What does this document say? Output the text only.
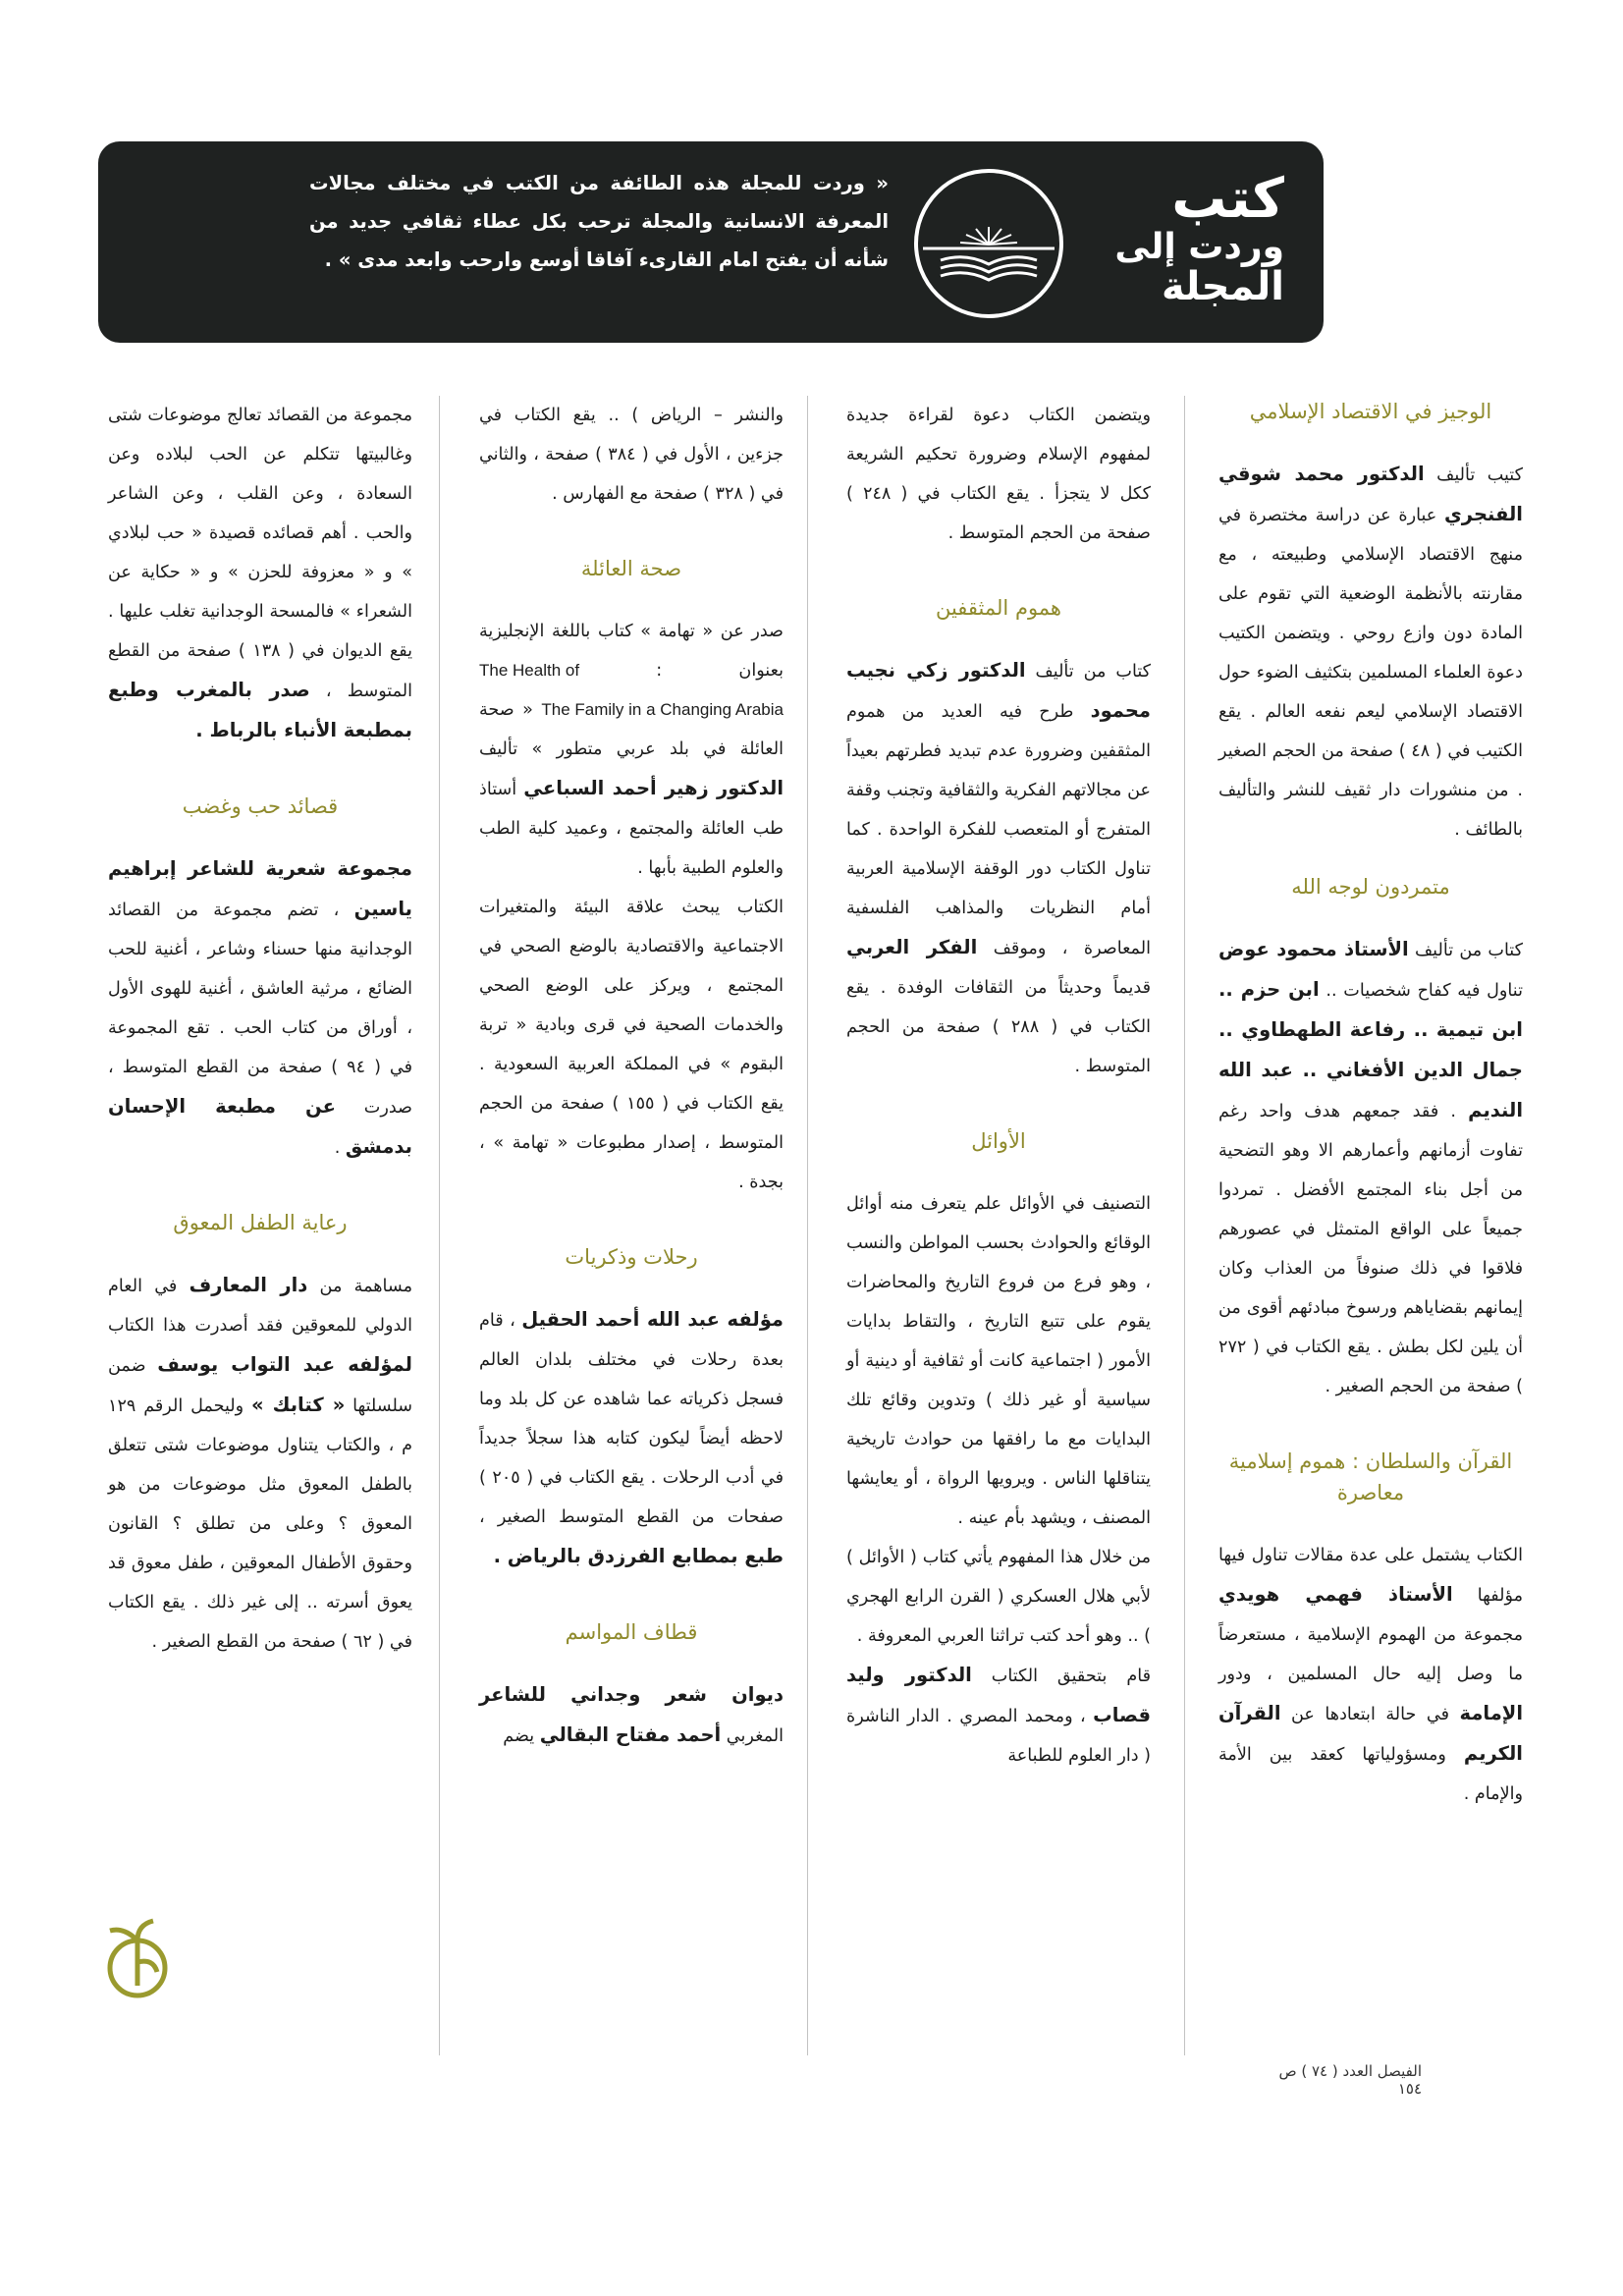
كتب
وردت إلى
المجلة
« وردت للمجلة هذه الطائفة من الكتب في مختلف مجالات المعرفة الانسانية والمجلة ترحب بكل عطاء ثقافي جديد من شأنه أن يفتح امام القارىء آفاقا أوسع وارحب وابعد مدى » .
الوجيز في الاقتصاد الإسلامي

كتيب تأليف الدكتور محمد شوقي الفنجري عبارة عن دراسة مختصرة في منهج الاقتصاد الإسلامي وطبيعته ، مع مقارنته بالأنظمة الوضعية التي تقوم على المادة دون وازع روحي . ويتضمن الكتيب دعوة العلماء المسلمين بتكثيف الضوء حول الاقتصاد الإسلامي ليعم نفعه العالم . يقع الكتيب في ( ٤٨ ) صفحة من الحجم الصغير . من منشورات دار ثقيف للنشر والتأليف بالطائف .

متمردون لوجه الله

كتاب من تأليف الأستاذ محمود عوض تناول فيه كفاح شخصيات .. ابن حزم .. ابن تيمية .. رفاعة الطهطاوي .. جمال الدين الأفغاني .. عبد الله النديم . فقد جمعهم هدف واحد رغم تفاوت أزمانهم وأعمارهم الا وهو التضحية من أجل بناء المجتمع الأفضل . تمردوا جميعاً على الواقع المتمثل في عصورهم فلاقوا في ذلك صنوفاً من العذاب وكان إيمانهم بقضاياهم ورسوخ مبادئهم أقوى من أن يلين لكل بطش . يقع الكتاب في ( ٢٧٢ ) صفحة من الحجم الصغير .

القرآن والسلطان : هموم إسلامية معاصرة

الكتاب يشتمل على عدة مقالات تناول فيها مؤلفها الأستاذ فهمي هويدي مجموعة من الهموم الإسلامية ، مستعرضاً ما وصل إليه حال المسلمين ، ودور الإمامة في حالة ابتعادها عن القرآن الكريم ومسؤولياتها كعقد بين الأمة والإمام .

ويتضمن الكتاب دعوة لقراءة جديدة لمفهوم الإسلام وضرورة تحكيم الشريعة ككل لا يتجزأ . يقع الكتاب في ( ٢٤٨ ) صفحة من الحجم المتوسط .

هموم المثقفين

كتاب من تأليف الدكتور زكي نجيب محمود طرح فيه العديد من هموم المثقفين وضرورة عدم تبديد فطرتهم بعيداً عن مجالاتهم الفكرية والثقافية وتجنب وقفة المتفرج أو المتعصب للفكرة الواحدة . كما تناول الكتاب دور الوقفة الإسلامية العربية أمام النظريات والمذاهب الفلسفية المعاصرة ، وموقف الفكر العربي قديماً وحديثاً من الثقافات الوفدة . يقع الكتاب في ( ٢٨٨ ) صفحة من الحجم المتوسط .

الأوائل

التصنيف في الأوائل علم يتعرف منه أوائل الوقائع والحوادث بحسب المواطن والنسب ، وهو فرع من فروع التاريخ والمحاضرات يقوم على تتبع التاريخ ، والتقاط بدايات الأمور ( اجتماعية كانت أو ثقافية أو دينية أو سياسية أو غير ذلك ) وتدوين وقائع تلك البدايات مع ما رافقها من حوادث تاريخية يتناقلها الناس . ويرويها الرواة ، أو يعايشها المصنف ، ويشهد بأم عينه .

من خلال هذا المفهوم يأتي كتاب ( الأوائل ) لأبي هلال العسكري ( القرن الرابع الهجري ) .. وهو أحد كتب تراثنا العربي المعروفة .

قام بتحقيق الكتاب الدكتور وليد قصاب ، ومحمد المصري . الدار الناشرة ( دار العلوم للطباعة

والنشر – الرياض ) .. يقع الكتاب في جزءين ، الأول في ( ٣٨٤ ) صفحة ، والثاني في ( ٣٢٨ ) صفحة مع الفهارس .

صحة العائلة

صدر عن « تهامة » كتاب باللغة الإنجليزية بعنوان : The Health of The Family in a Changing Arabia « صحة العائلة في بلد عربي متطور » تأليف الدكتور زهير أحمد السباعي أستاذ طب العائلة والمجتمع ، وعميد كلية الطب والعلوم الطبية بأبها .

الكتاب يبحث علاقة البيئة والمتغيرات الاجتماعية والاقتصادية بالوضع الصحي في المجتمع ، ويركز على الوضع الصحي والخدمات الصحية في قرى وبادية « تربة البقوم » في المملكة العربية السعودية . يقع الكتاب في ( ١٥٥ ) صفحة من الحجم المتوسط ، إصدار مطبوعات « تهامة » ، بجدة .

رحلات وذكريات

مؤلفه عبد الله أحمد الحقيل ، قام بعدة رحلات في مختلف بلدان العالم فسجل ذكرياته عما شاهده عن كل بلد وما لاحظه أيضاً ليكون كتابه هذا سجلاً جديداً في أدب الرحلات . يقع الكتاب في ( ٢٠٥ ) صفحات من القطع المتوسط الصغير ، طبع بمطابع الفرزدق بالرياض .

قطاف المواسم

ديوان شعر وجداني للشاعر المغربي أحمد مفتاح البقالي يضم

مجموعة من القصائد تعالج موضوعات شتى وغالبيتها تتكلم عن الحب لبلاده وعن السعادة ، وعن القلب ، وعن الشاعر والحب . أهم قصائده قصيدة « حب لبلادي » و « معزوفة للحزن » و « حكاية عن الشعراء » فالمسحة الوجدانية تغلب عليها . يقع الديوان في ( ١٣٨ ) صفحة من القطع المتوسط ، صدر بالمغرب وطبع بمطبعة الأنباء بالرباط .

قصائد حب وغضب

مجموعة شعرية للشاعر إبراهيم ياسين ، تضم مجموعة من القصائد الوجدانية منها حسناء وشاعر ، أغنية للحب الضائع ، مرثية العاشق ، أغنية للهوى الأول ، أوراق من كتاب الحب . تقع المجموعة في ( ٩٤ ) صفحة من القطع المتوسط ، صدرت عن مطبعة الإحسان بدمشق .

رعاية الطفل المعوق

مساهمة من دار المعارف في العام الدولي للمعوقين فقد أصدرت هذا الكتاب لمؤلفه عبد التواب يوسف ضمن سلسلتها « كتابك » وليحمل الرقم ١٢٩ م ، والكتاب يتناول موضوعات شتى تتعلق بالطفل المعوق مثل موضوعات من هو المعوق ؟ وعلى من تطلق ؟ القانون وحقوق الأطفال المعوقين ، طفل معوق قد يعوق أسرته .. إلى غير ذلك . يقع الكتاب في ( ٦٢ ) صفحة من القطع الصغير .

الفيصل العدد ( ٧٤ ) ص ١٥٤
